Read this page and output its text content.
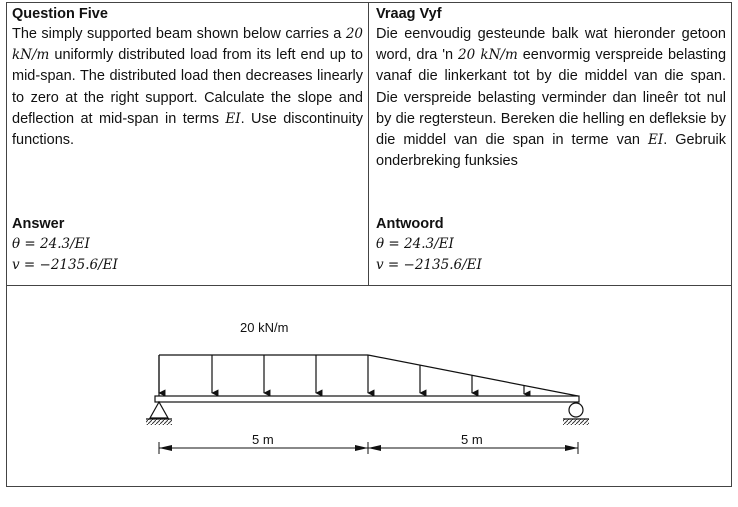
Question Five

The simply supported beam shown below carries a 20 kN/m uniformly distributed load from its left end up to mid-span. The distributed load then decreases linearly to zero at the right support. Calculate the slope and deflection at mid-span in terms EI. Use discontinuity functions.

Answer

θ = 24.3/EI

v = −2135.6/EI

Vraag Vyf

Die eenvoudig gesteunde balk wat hieronder getoon word, dra 'n 20 kN/m eenvormig verspreide belasting vanaf die linkerkant tot by die middel van die span. Die verspreide belasting verminder dan lineêr tot nul by die regtersteun. Bereken die helling en defleksie by die middel van die span in terme van EI. Gebruik onderbreking funksies

Antwoord

θ = 24.3/EI

v = −2135.6/EI

20 kN/m
5 m	5 m
